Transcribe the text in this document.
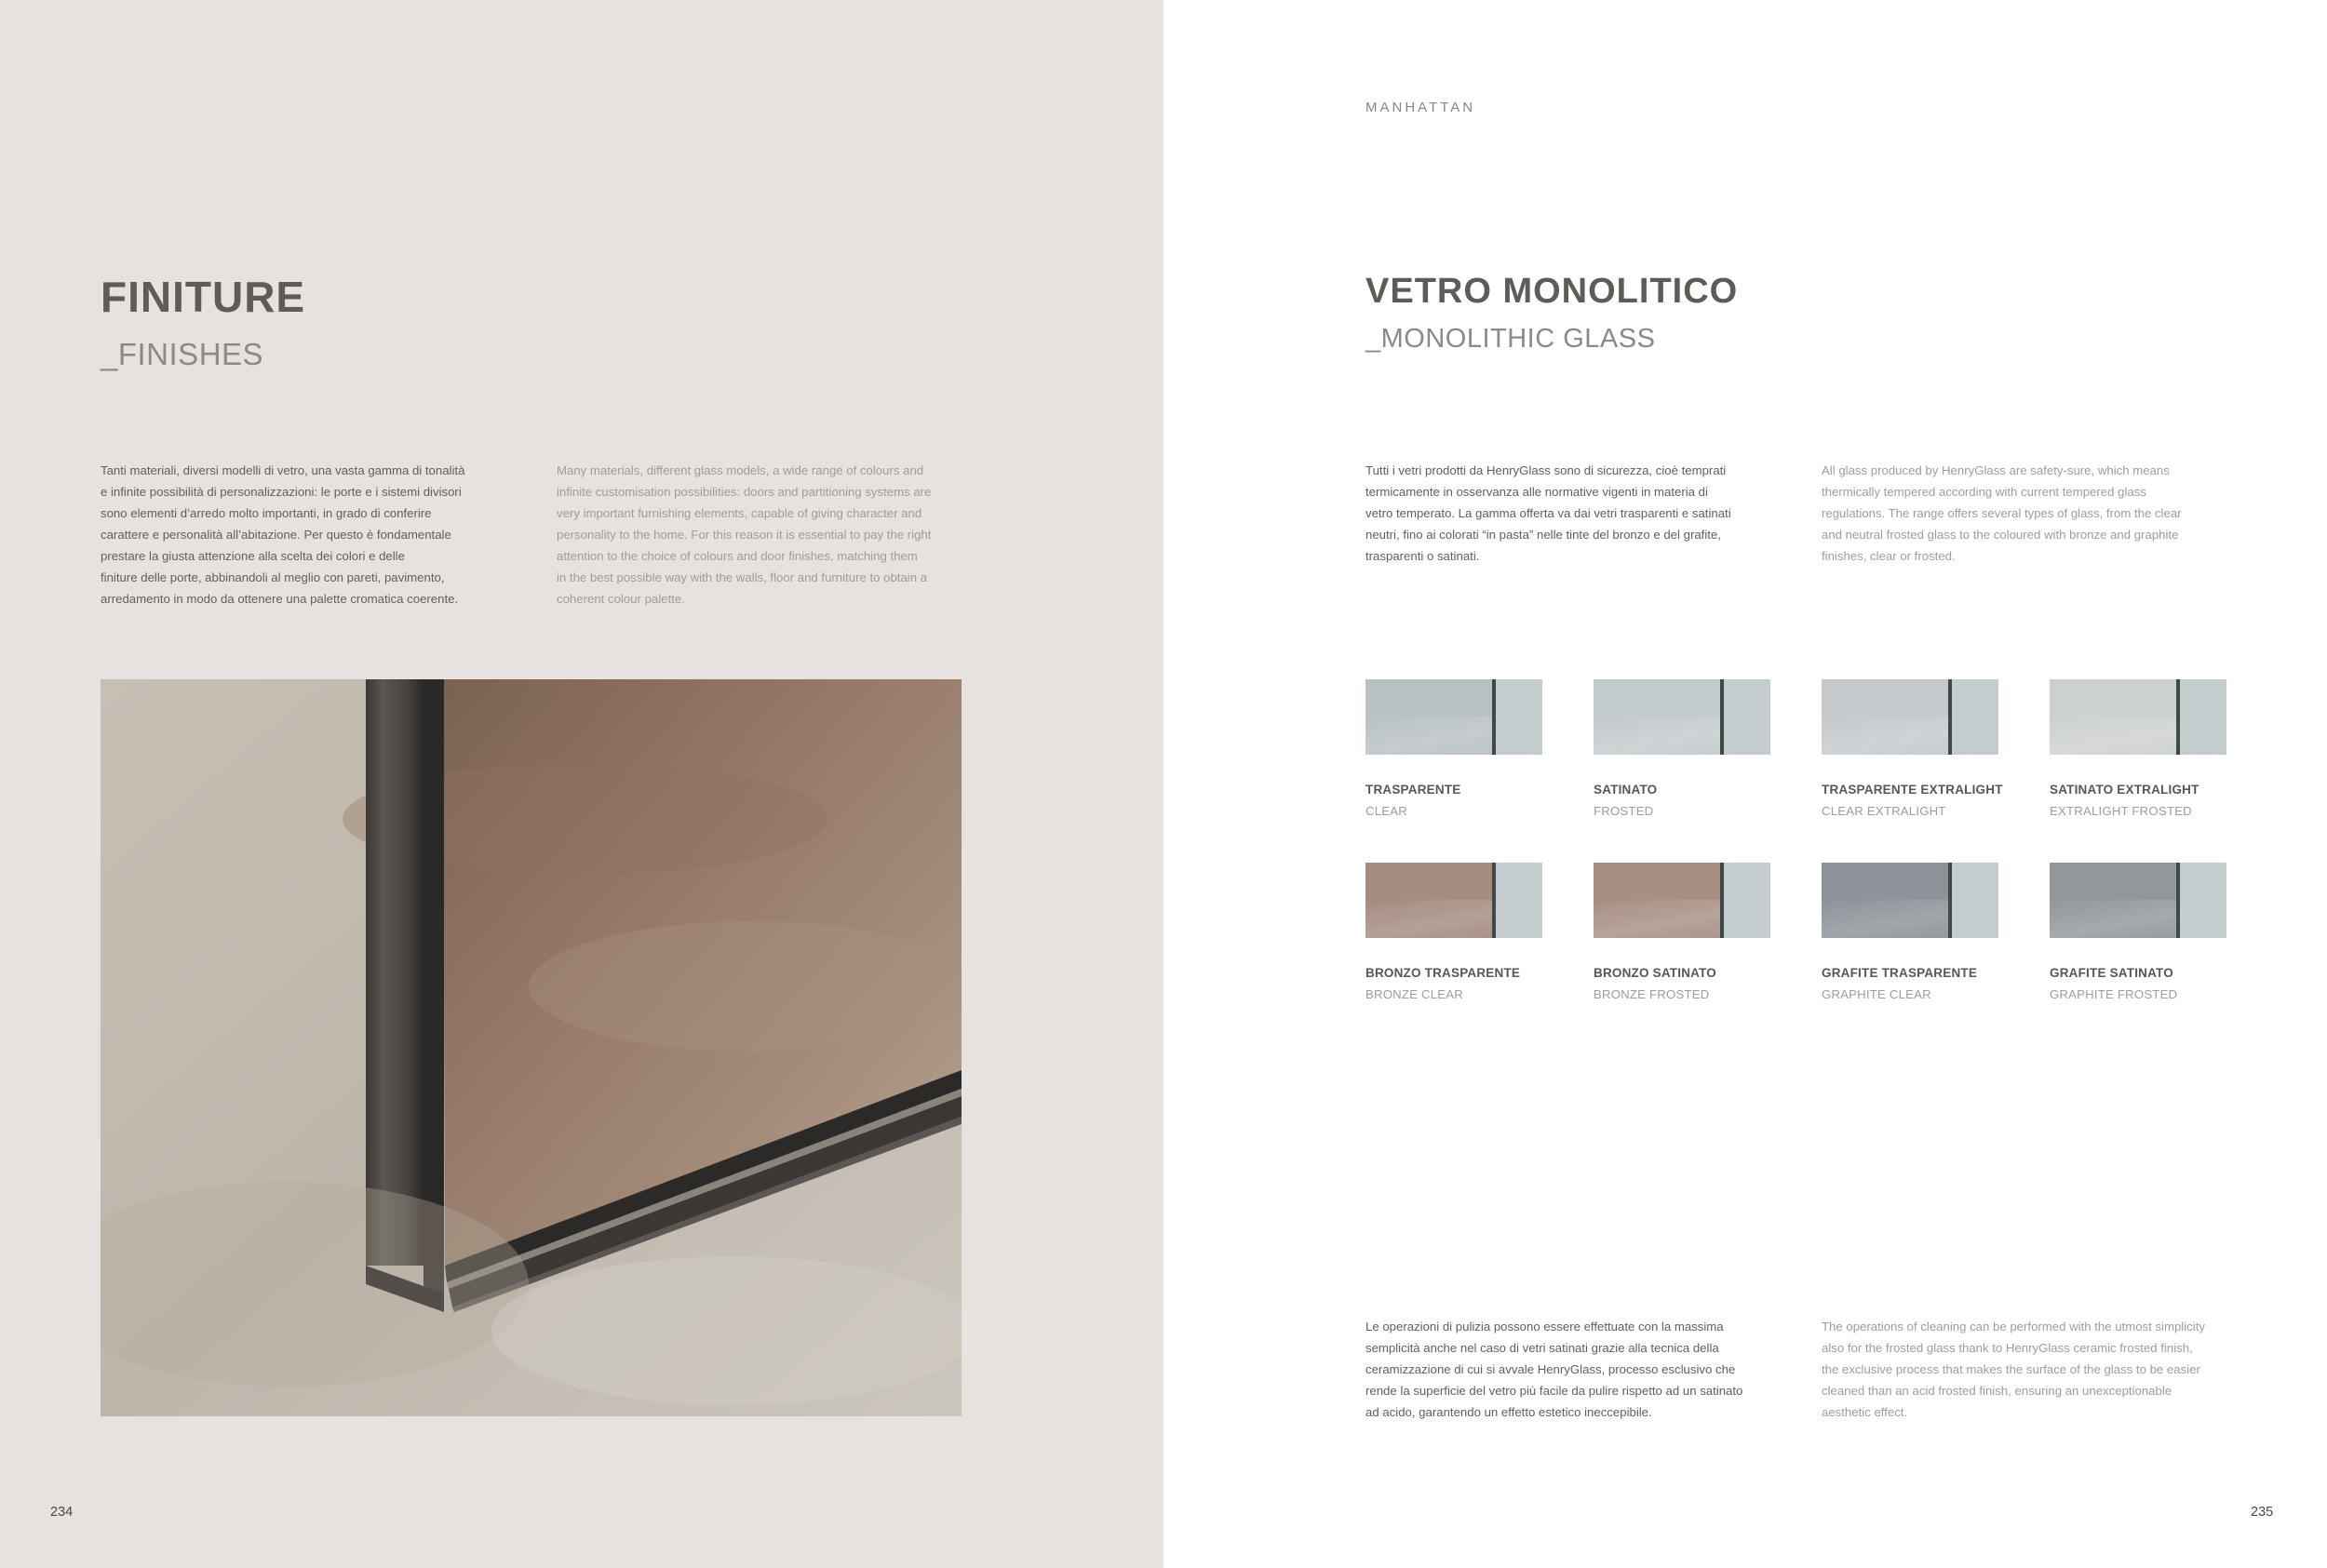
FINITURE
_FINISHES
Tanti materiali, diversi modelli di vetro, una vasta gamma di tonalità
e infinite possibilità di personalizzazioni: le porte e i sistemi divisori
sono elementi d’arredo molto importanti, in grado di conferire
carattere e personalità all’abitazione. Per questo è fondamentale
prestare la giusta attenzione alla scelta dei colori e delle
finiture delle porte, abbinandoli al meglio con pareti, pavimento,
arredamento in modo da ottenere una palette cromatica coerente.
Many materials, different glass models, a wide range of colours and
infinite customisation possibilities: doors and partitioning systems are
very important furnishing elements, capable of giving character and
personality to the home. For this reason it is essential to pay the right
attention to the choice of colours and door finishes, matching them
in the best possible way with the walls, floor and furniture to obtain a
coherent colour palette.
234
MANHATTAN
VETRO MONOLITICO
_MONOLITHIC GLASS
Tutti i vetri prodotti da HenryGlass sono di sicurezza, cioè temprati
termicamente in osservanza alle normative vigenti in materia di
vetro temperato. La gamma offerta va dai vetri trasparenti e satinati
neutri, fino ai colorati “in pasta” nelle tinte del bronzo e del grafite,
trasparenti o satinati.
All glass produced by HenryGlass are safety-sure, which means
thermically tempered according with current tempered glass
regulations. The range offers several types of glass, from the clear
and neutral frosted glass to the coloured with bronze and graphite
finishes, clear or frosted.
TRASPARENTE
CLEAR
SATINATO
FROSTED
TRASPARENTE EXTRALIGHT
CLEAR EXTRALIGHT
SATINATO EXTRALIGHT
EXTRALIGHT FROSTED
BRONZO TRASPARENTE
BRONZE CLEAR
BRONZO SATINATO
BRONZE FROSTED
GRAFITE TRASPARENTE
GRAPHITE CLEAR
GRAFITE SATINATO
GRAPHITE FROSTED
Le operazioni di pulizia possono essere effettuate con la massima
semplicità anche nel caso di vetri satinati grazie alla tecnica della
ceramizzazione di cui si avvale HenryGlass, processo esclusivo che
rende la superficie del vetro più facile da pulire rispetto ad un satinato
ad acido, garantendo un effetto estetico ineccepibile.
The operations of cleaning can be performed with the utmost simplicity
also for the frosted glass thank to HenryGlass ceramic frosted finish,
the exclusive process that makes the surface of the glass to be easier
cleaned than an acid frosted finish, ensuring an unexceptionable
aesthetic effect.
235
